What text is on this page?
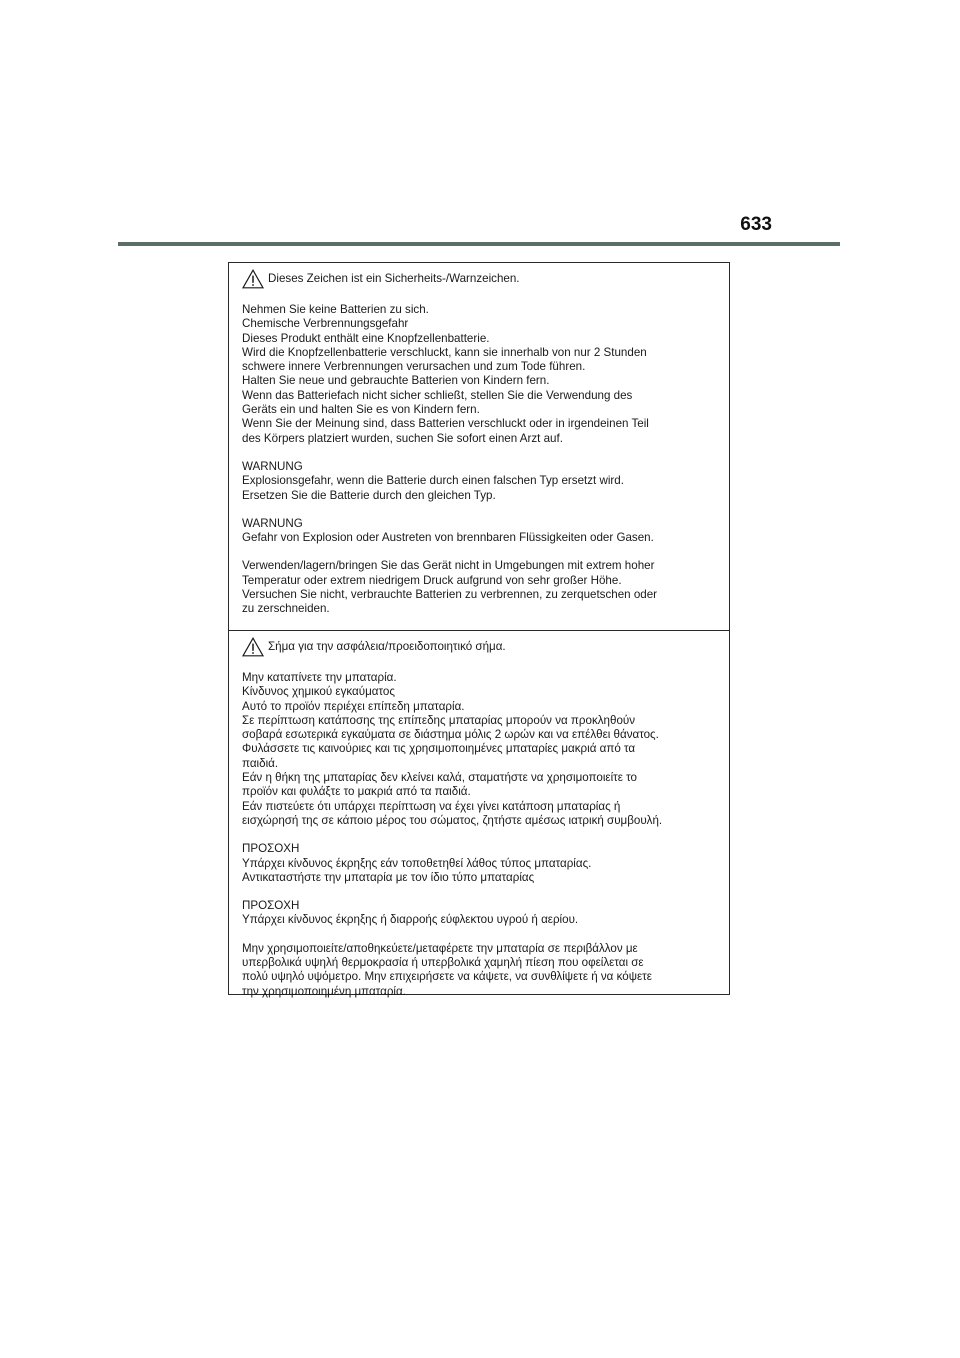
633
Dieses Zeichen ist ein Sicherheits-/Warnzeichen.
Nehmen Sie keine Batterien zu sich.
Chemische Verbrennungsgefahr
Dieses Produkt enthält eine Knopfzellenbatterie.
Wird die Knopfzellenbatterie verschluckt, kann sie innerhalb von nur 2 Stunden
schwere innere Verbrennungen verursachen und zum Tode führen.
Halten Sie neue und gebrauchte Batterien von Kindern fern.
Wenn das Batteriefach nicht sicher schließt, stellen Sie die Verwendung des
Geräts ein und halten Sie es von Kindern fern.
Wenn Sie der Meinung sind, dass Batterien verschluckt oder in irgendeinen Teil
des Körpers platziert wurden, suchen Sie sofort einen Arzt auf.
WARNUNG
Explosionsgefahr, wenn die Batterie durch einen falschen Typ ersetzt wird.
Ersetzen Sie die Batterie durch den gleichen Typ.
WARNUNG
Gefahr von Explosion oder Austreten von brennbaren Flüssigkeiten oder Gasen.
Verwenden/lagern/bringen Sie das Gerät nicht in Umgebungen mit extrem hoher
Temperatur oder extrem niedrigem Druck aufgrund von sehr großer Höhe.
Versuchen Sie nicht, verbrauchte Batterien zu verbrennen, zu zerquetschen oder
zu zerschneiden.
Σήμα για την ασφάλεια/προειδοποιητικό σήμα.
Μην καταπίνετε την μπαταρία.
Κίνδυνος χημικού εγκαύματος
Αυτό το προϊόν περιέχει επίπεδη μπαταρία.
Σε περίπτωση κατάποσης της επίπεδης μπαταρίας μπορούν να προκληθούν
σοβαρά εσωτερικά εγκαύματα σε διάστημα μόλις 2 ωρών και να επέλθει θάνατος.
Φυλάσσετε τις καινούριες και τις χρησιμοποιημένες μπαταρίες μακριά από τα
παιδιά.
Εάν η θήκη της μπαταρίας δεν κλείνει καλά, σταματήστε να χρησιμοποιείτε το
προϊόν και φυλάξτε το μακριά από τα παιδιά.
Εάν πιστεύετε ότι υπάρχει περίπτωση να έχει γίνει κατάποση μπαταρίας ή
εισχώρησή της σε κάποιο μέρος του σώματος, ζητήστε αμέσως ιατρική συμβουλή.
ΠΡΟΣΟΧΗ
Υπάρχει κίνδυνος έκρηξης εάν τοποθετηθεί λάθος τύπος μπαταρίας.
Αντικαταστήστε την μπαταρία με τον ίδιο τύπο μπαταρίας
ΠΡΟΣΟΧΗ
Υπάρχει κίνδυνος έκρηξης ή διαρροής εύφλεκτου υγρού ή αερίου.
Μην χρησιμοποιείτε/αποθηκεύετε/μεταφέρετε την μπαταρία σε περιβάλλον με
υπερβολικά υψηλή θερμοκρασία ή υπερβολικά χαμηλή πίεση που οφείλεται σε
πολύ υψηλό υψόμετρο. Μην επιχειρήσετε να κάψετε, να συνθλίψετε ή να κόψετε
την χρησιμοποιημένη μπαταρία.
